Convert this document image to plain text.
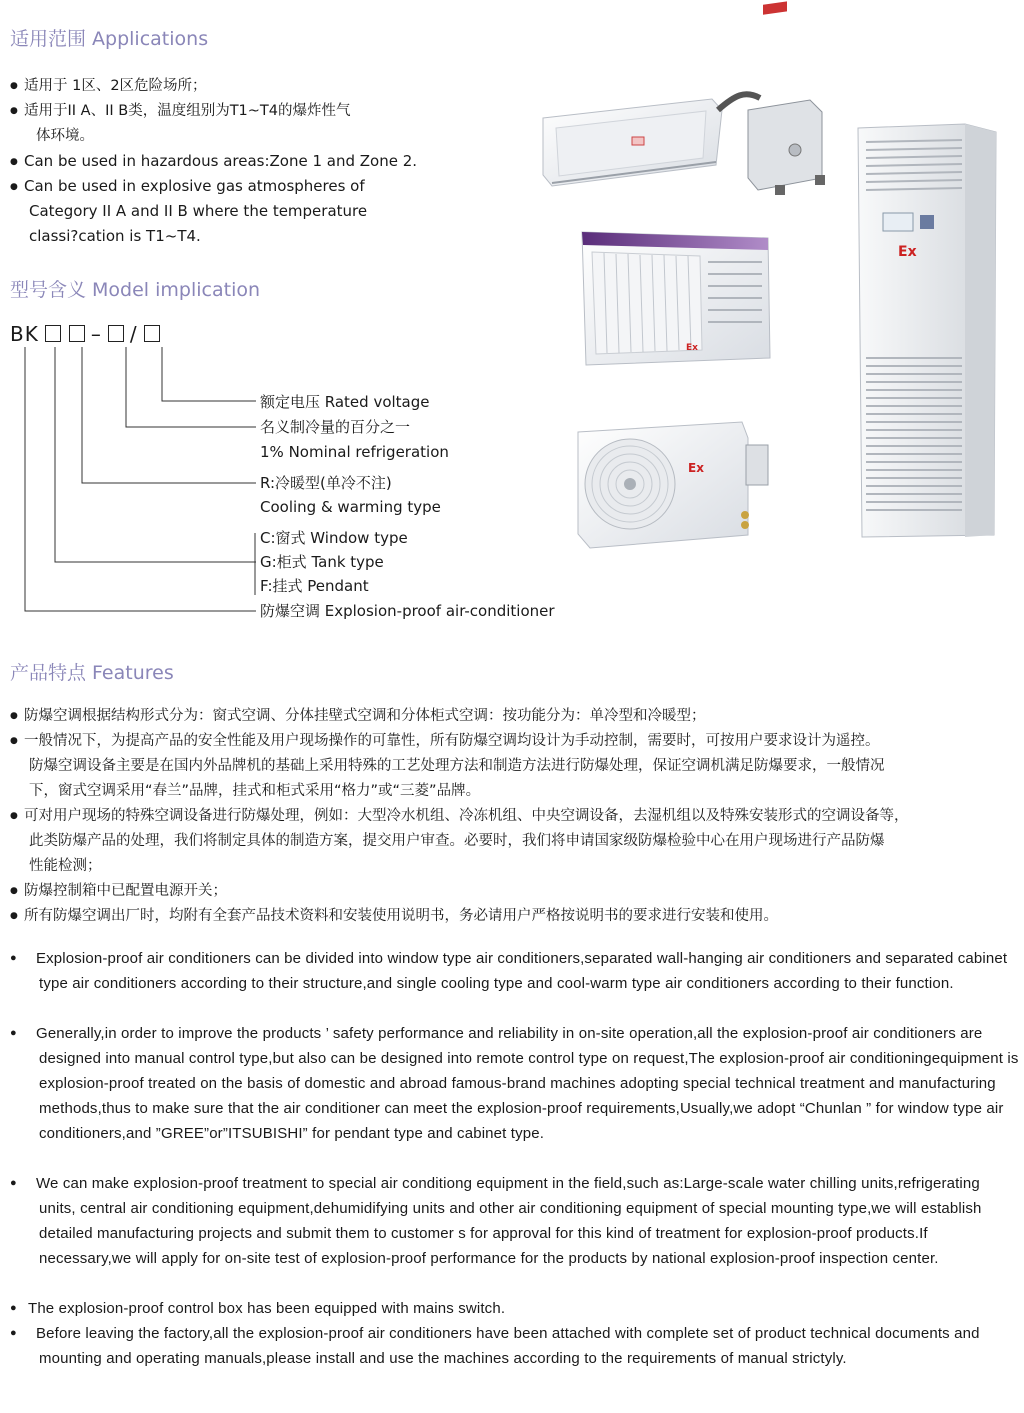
适用范围 Applications
● 适用于 1区、2区危险场所；
● 适用于II A、II B类，温度组别为T1~T4的爆炸性气
体环境。
● Can be used in hazardous areas:Zone 1 and Zone 2.
● Can be used in explosive gas atmospheres of
Category II A and II B where the temperature
classi?cation is T1~T4.
型号含义 Model implication
BK	– /
额定电压 Rated voltage
名义制冷量的百分之一
1% Nominal refrigeration
R:冷暖型(单冷不注)
Cooling & warming type
C:窗式 Window type
G:柜式 Tank type
F:挂式 Pendant
防爆空调 Explosion-proof air-conditioner
Ex
Ex
Ex
产品特点 Features
● 防爆空调根据结构形式分为：窗式空调、分体挂壁式空调和分体柜式空调：按功能分为：单冷型和冷暖型；
● 一般情况下，为提高产品的安全性能及用户现场操作的可靠性，所有防爆空调均设计为手动控制，需要时，可按用户要求设计为遥控。
防爆空调设备主要是在国内外品牌机的基础上采用特殊的工艺处理方法和制造方法进行防爆处理，保证空调机满足防爆要求，一般情况
下，窗式空调采用“春兰”品牌，挂式和柜式采用“格力”或“三菱”品牌。
● 可对用户现场的特殊空调设备进行防爆处理，例如：大型冷水机组、冷冻机组、中央空调设备，去湿机组以及特殊安装形式的空调设备等，
此类防爆产品的处理，我们将制定具体的制造方案，提交用户审查。必要时，我们将申请国家级防爆检验中心在用户现场进行产品防爆
性能检测；
● 防爆控制箱中已配置电源开关；
● 所有防爆空调出厂时，均附有全套产品技术资料和安装使用说明书，务必请用户严格按说明书的要求进行安装和使用。
●	Explosion-proof air conditioners can be divided into window type air conditioners,separated wall-hanging air conditioners and separated cabinet type air conditioners according to their structure,and single cooling type and cool-warm type air conditioners according to their function.
●	Generally,in order to improve the products ’ safety performance and reliability in on-site operation,all the explosion-proof air conditioners are designed into manual control type,but also can be designed into remote control type on request,The explosion-proof air conditioningequipment is explosion-proof treated on the basis of domestic and abroad famous-brand machines adopting special technical treatment and manufacturing methods,thus to make sure that the air conditioner can meet the explosion-proof requirements,Usually,we adopt “Chunlan ” for window type air conditioners,and ”GREE”or”ITSUBISHI” for pendant type and cabinet type.
●	We can make explosion-proof treatment to special air conditiong equipment in the field,such as:Large-scale water chilling units,refrigerating units, central air conditioning equipment,dehumidifying units and other air conditioning equipment of special mounting type,we will establish detailed manufacturing projects and submit them to customer s for approval for this kind of treatment for explosion-proof products.If necessary,we will apply for on-site test of explosion-proof performance for the products by national explosion-proof inspection center.
● The explosion-proof control box has been equipped with mains switch.
●	Before leaving the factory,all the explosion-proof air conditioners have been attached with complete set of product technical documents and mounting and operating manuals,please install and use the machines according to the requirements of manual strictyly.
